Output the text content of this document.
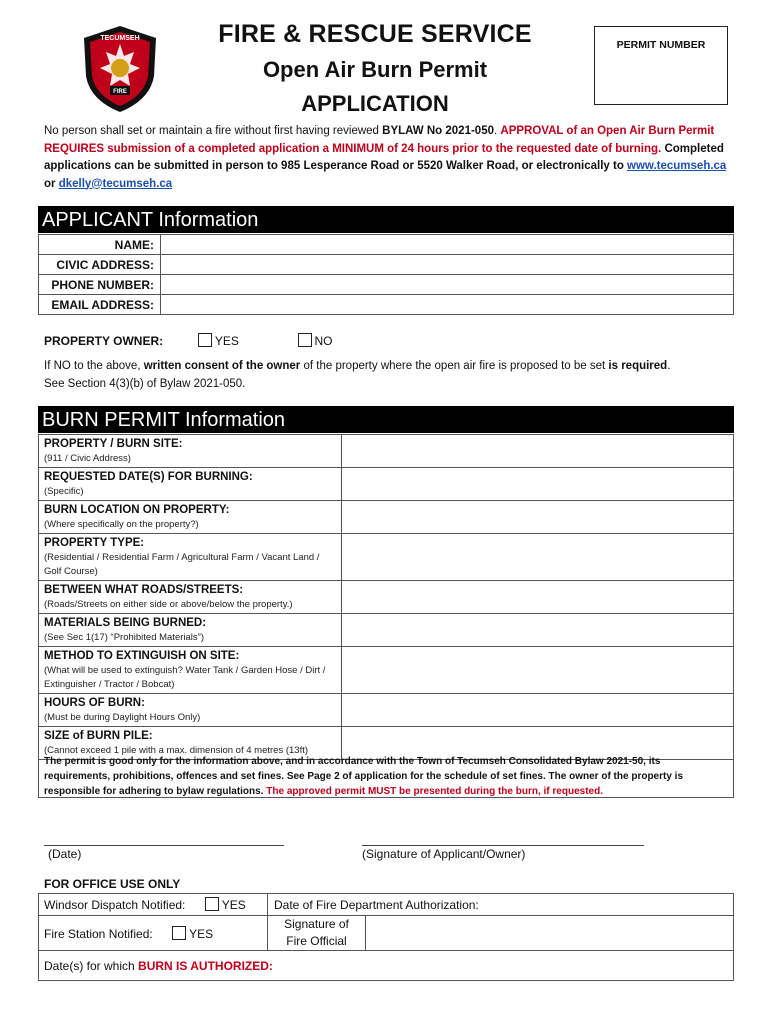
TECUMSEH
FIRE
FIRE & RESCUE SERVICE
Open Air Burn Permit
APPLICATION
PERMIT NUMBER
No person shall set or maintain a fire without first having reviewed BYLAW No 2021-050. APPROVAL of an Open Air Burn Permit REQUIRES submission of a completed application a MINIMUM of 24 hours prior to the requested date of burning. Completed applications can be submitted in person to 985 Lesperance Road or 5520 Walker Road, or electronically to www.tecumseh.ca or dkelly@tecumseh.ca
APPLICANT Information
NAME:	
CIVIC ADDRESS:	
PHONE NUMBER:	
EMAIL ADDRESS:	
PROPERTY OWNER:	YES	NO
If NO to the above, written consent of the owner of the property where the open air fire is proposed to be set is required.
See Section 4(3)(b) of Bylaw 2021-050.
BURN PERMIT Information
PROPERTY / BURN SITE:
(911 / Civic Address)	

REQUESTED DATE(S) FOR BURNING:
(Specific)	

BURN LOCATION ON PROPERTY:
(Where specifically on the property?)	

PROPERTY TYPE:
(Residential / Residential Farm / Agricultural Farm / Vacant Land / Golf Course)	

BETWEEN WHAT ROADS/STREETS:
(Roads/Streets on either side or above/below the property.)	

MATERIALS BEING BURNED:
(See Sec 1(17) “Prohibited Materials”)	

METHOD TO EXTINGUISH ON SITE:
(What will be used to extinguish? Water Tank / Garden Hose / Dirt / Extinguisher / Tractor / Bobcat)	

HOURS OF BURN:
(Must be during Daylight Hours Only)	

SIZE of BURN PILE:
(Cannot exceed 1 pile with a max. dimension of 4 metres (13ft)	

The permit is good only for the information above, and in accordance with the Town of Tecumseh Consolidated Bylaw 2021-50, its requirements, prohibitions, offences and set fines. See Page 2 of application for the schedule of set fines. The owner of the property is responsible for adhering to bylaw regulations. The approved permit MUST be presented during the burn, if requested.
(Date)	(Signature of Applicant/Owner)
FOR OFFICE USE ONLY
Windsor Dispatch Notified: YES	Date of Fire Department Authorization:	
Fire Station Notified: YES	Signature of Fire Official	
Date(s) for which BURN IS AUTHORIZED:		
